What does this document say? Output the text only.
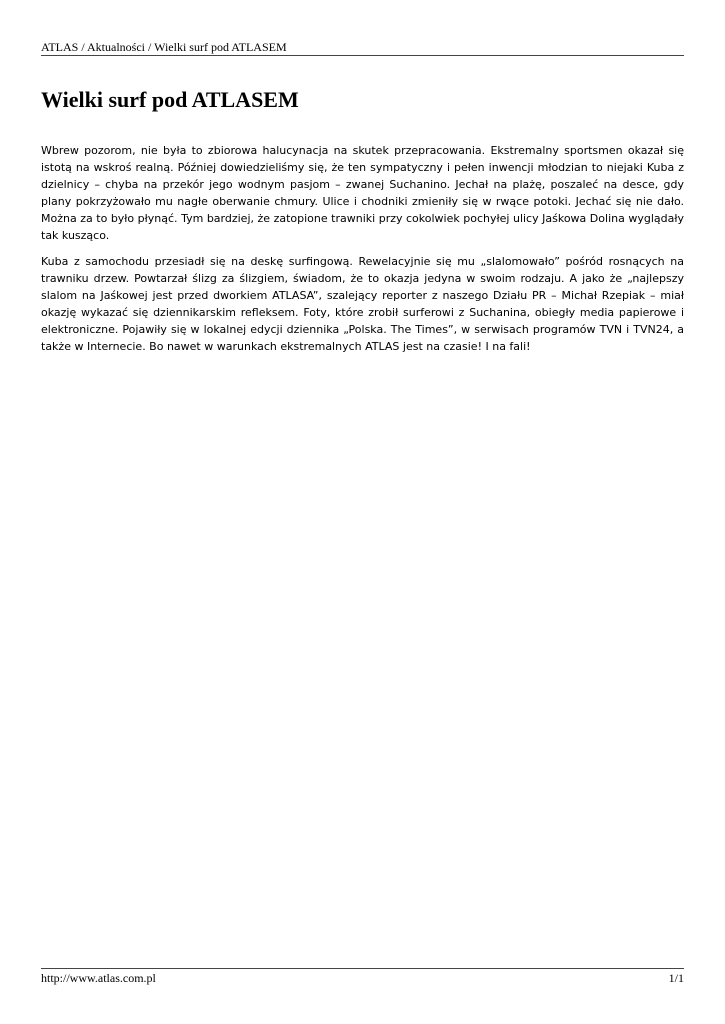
ATLAS / Aktualności / Wielki surf pod ATLASEM
Wielki surf pod ATLASEM

Wbrew pozorom, nie była to zbiorowa halucynacja na skutek przepracowania. Ekstremalny sportsmen okazał się istotą na wskroś realną. Później dowiedzieliśmy się, że ten sympatyczny i pełen inwencji młodzian to niejaki Kuba z dzielnicy – chyba na przekór jego wodnym pasjom – zwanej Suchanino. Jechał na plażę, poszaleć na desce, gdy plany pokrzyżowało mu nagłe oberwanie chmury. Ulice i chodniki zmieniły się w rwące potoki. Jechać się nie dało. Można za to było płynąć. Tym bardziej, że zatopione trawniki przy cokolwiek pochyłej ulicy Jaśkowa Dolina wyglądały tak kusząco.

Kuba z samochodu przesiadł się na deskę surfingową. Rewelacyjnie się mu „slalomowało” pośród rosnących na trawniku drzew. Powtarzał ślizg za ślizgiem, świadom, że to okazja jedyna w swoim rodzaju. A jako że „najlepszy slalom na Jaśkowej jest przed dworkiem ATLASA”, szalejący reporter z naszego Działu PR – Michał Rzepiak – miał okazję wykazać się dziennikarskim refleksem. Foty, które zrobił surferowi z Suchanina, obiegły media papierowe i elektroniczne. Pojawiły się w lokalnej edycji dziennika „Polska. The Times”, w serwisach programów TVN i TVN24, a także w Internecie. Bo nawet w warunkach ekstremalnych ATLAS jest na czasie! I na fali!

http://www.atlas.com.pl	1/1
